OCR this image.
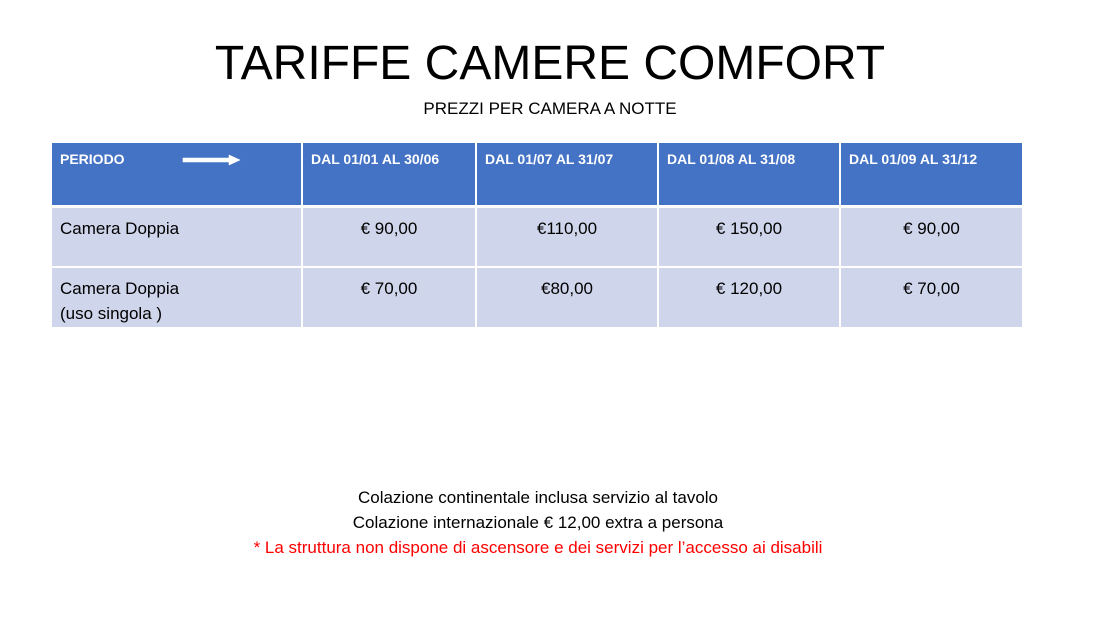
TARIFFE CAMERE COMFORT
PREZZI PER CAMERA A NOTTE
PERIODO	DAL 01/01 AL 30/06	DAL 01/07 AL 31/07	DAL 01/08 AL 31/08	DAL 01/09 AL 31/12

Camera Doppia	€ 90,00	€110,00	€ 150,00	€ 90,00

Camera Doppia
(uso singola )	€ 70,00	€80,00	€ 120,00	€ 70,00
Colazione continentale inclusa servizio al tavolo
Colazione internazionale € 12,00 extra a persona
* La struttura non dispone di ascensore e dei servizi per l’accesso ai disabili
